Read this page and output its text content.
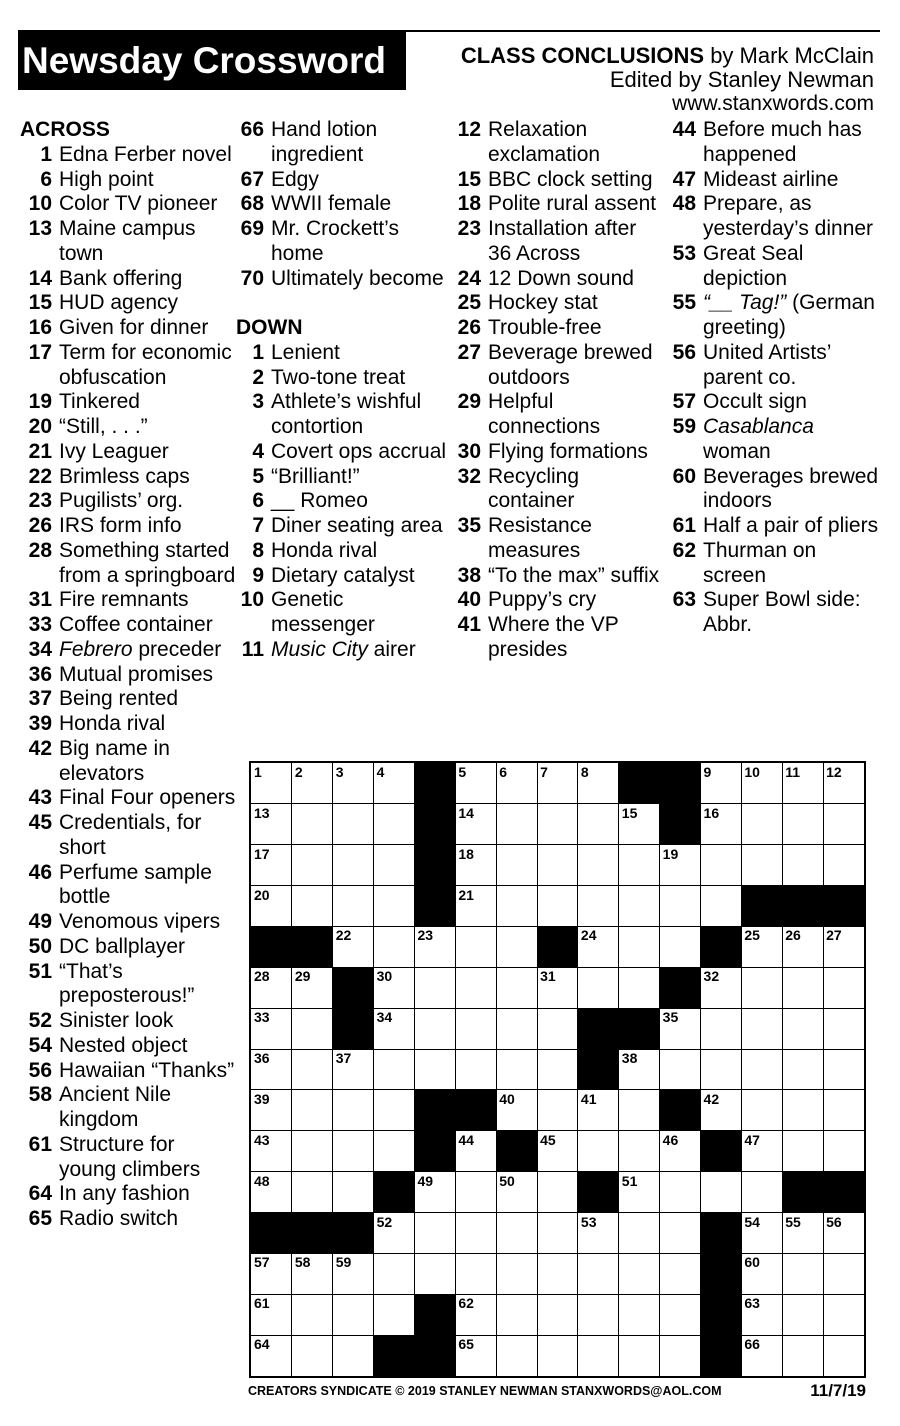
Newsday Crossword	CLASS CONCLUSIONS by Mark McClain
Edited by Stanley Newman
www.stanxwords.com
ACROSS
1 Edna Ferber novel
6 High point
10 Color TV pioneer
13 Maine campus town
14 Bank offering
15 HUD agency
16 Given for dinner
17 Term for economic obfuscation
19 Tinkered
20 “Still, . . .”
21 Ivy Leaguer
22 Brimless caps
23 Pugilists’ org.
26 IRS form info
28 Something started from a springboard
31 Fire remnants
33 Coffee container
34 Febrero preceder
36 Mutual promises
37 Being rented
39 Honda rival
42 Big name in elevators
43 Final Four openers
45 Credentials, for short
46 Perfume sample bottle
49 Venomous vipers
50 DC ballplayer
51 “That’s preposterous!”
52 Sinister look
54 Nested object
56 Hawaiian “Thanks”
58 Ancient Nile kingdom
61 Structure for young climbers
64 In any fashion
65 Radio switch
66 Hand lotion ingredient
67 Edgy
68 WWII female
69 Mr. Crockett’s home
70 Ultimately become
DOWN
1 Lenient
2 Two-tone treat
3 Athlete’s wishful contortion
4 Covert ops accrual
5 “Brilliant!”
6 __ Romeo
7 Diner seating area
8 Honda rival
9 Dietary catalyst
10 Genetic messenger
11 Music City airer
12 Relaxation exclamation
15 BBC clock setting
18 Polite rural assent
23 Installation after 36 Across
24 12 Down sound
25 Hockey stat
26 Trouble-free
27 Beverage brewed outdoors
29 Helpful connections
30 Flying formations
32 Recycling container
35 Resistance measures
38 “To the max” suffix
40 Puppy’s cry
41 Where the VP presides
44 Before much has happened
47 Mideast airline
48 Prepare, as yesterday’s dinner
53 Great Seal depiction
55 “__ Tag!” (German greeting)
56 United Artists’ parent co.
57 Occult sign
59 Casablanca woman
60 Beverages brewed indoors
61 Half a pair of pliers
62 Thurman on screen
63 Super Bowl side: Abbr.
1 2 3 4	5 6 7 8	9 10 11 12
13	14	15	16
17	18	19
20	21
22	23	24	25 26 27
28 29	30	31	32
33	34	35
36	37	38
39	40	41	42
43	44	45	46	47
48	49	50	51
52	53	54 55 56
57 58 59	60
61	62	63
64	65	66
CREATORS SYNDICATE © 2019 STANLEY NEWMAN STANXWORDS@AOL.COM	11/7/19
